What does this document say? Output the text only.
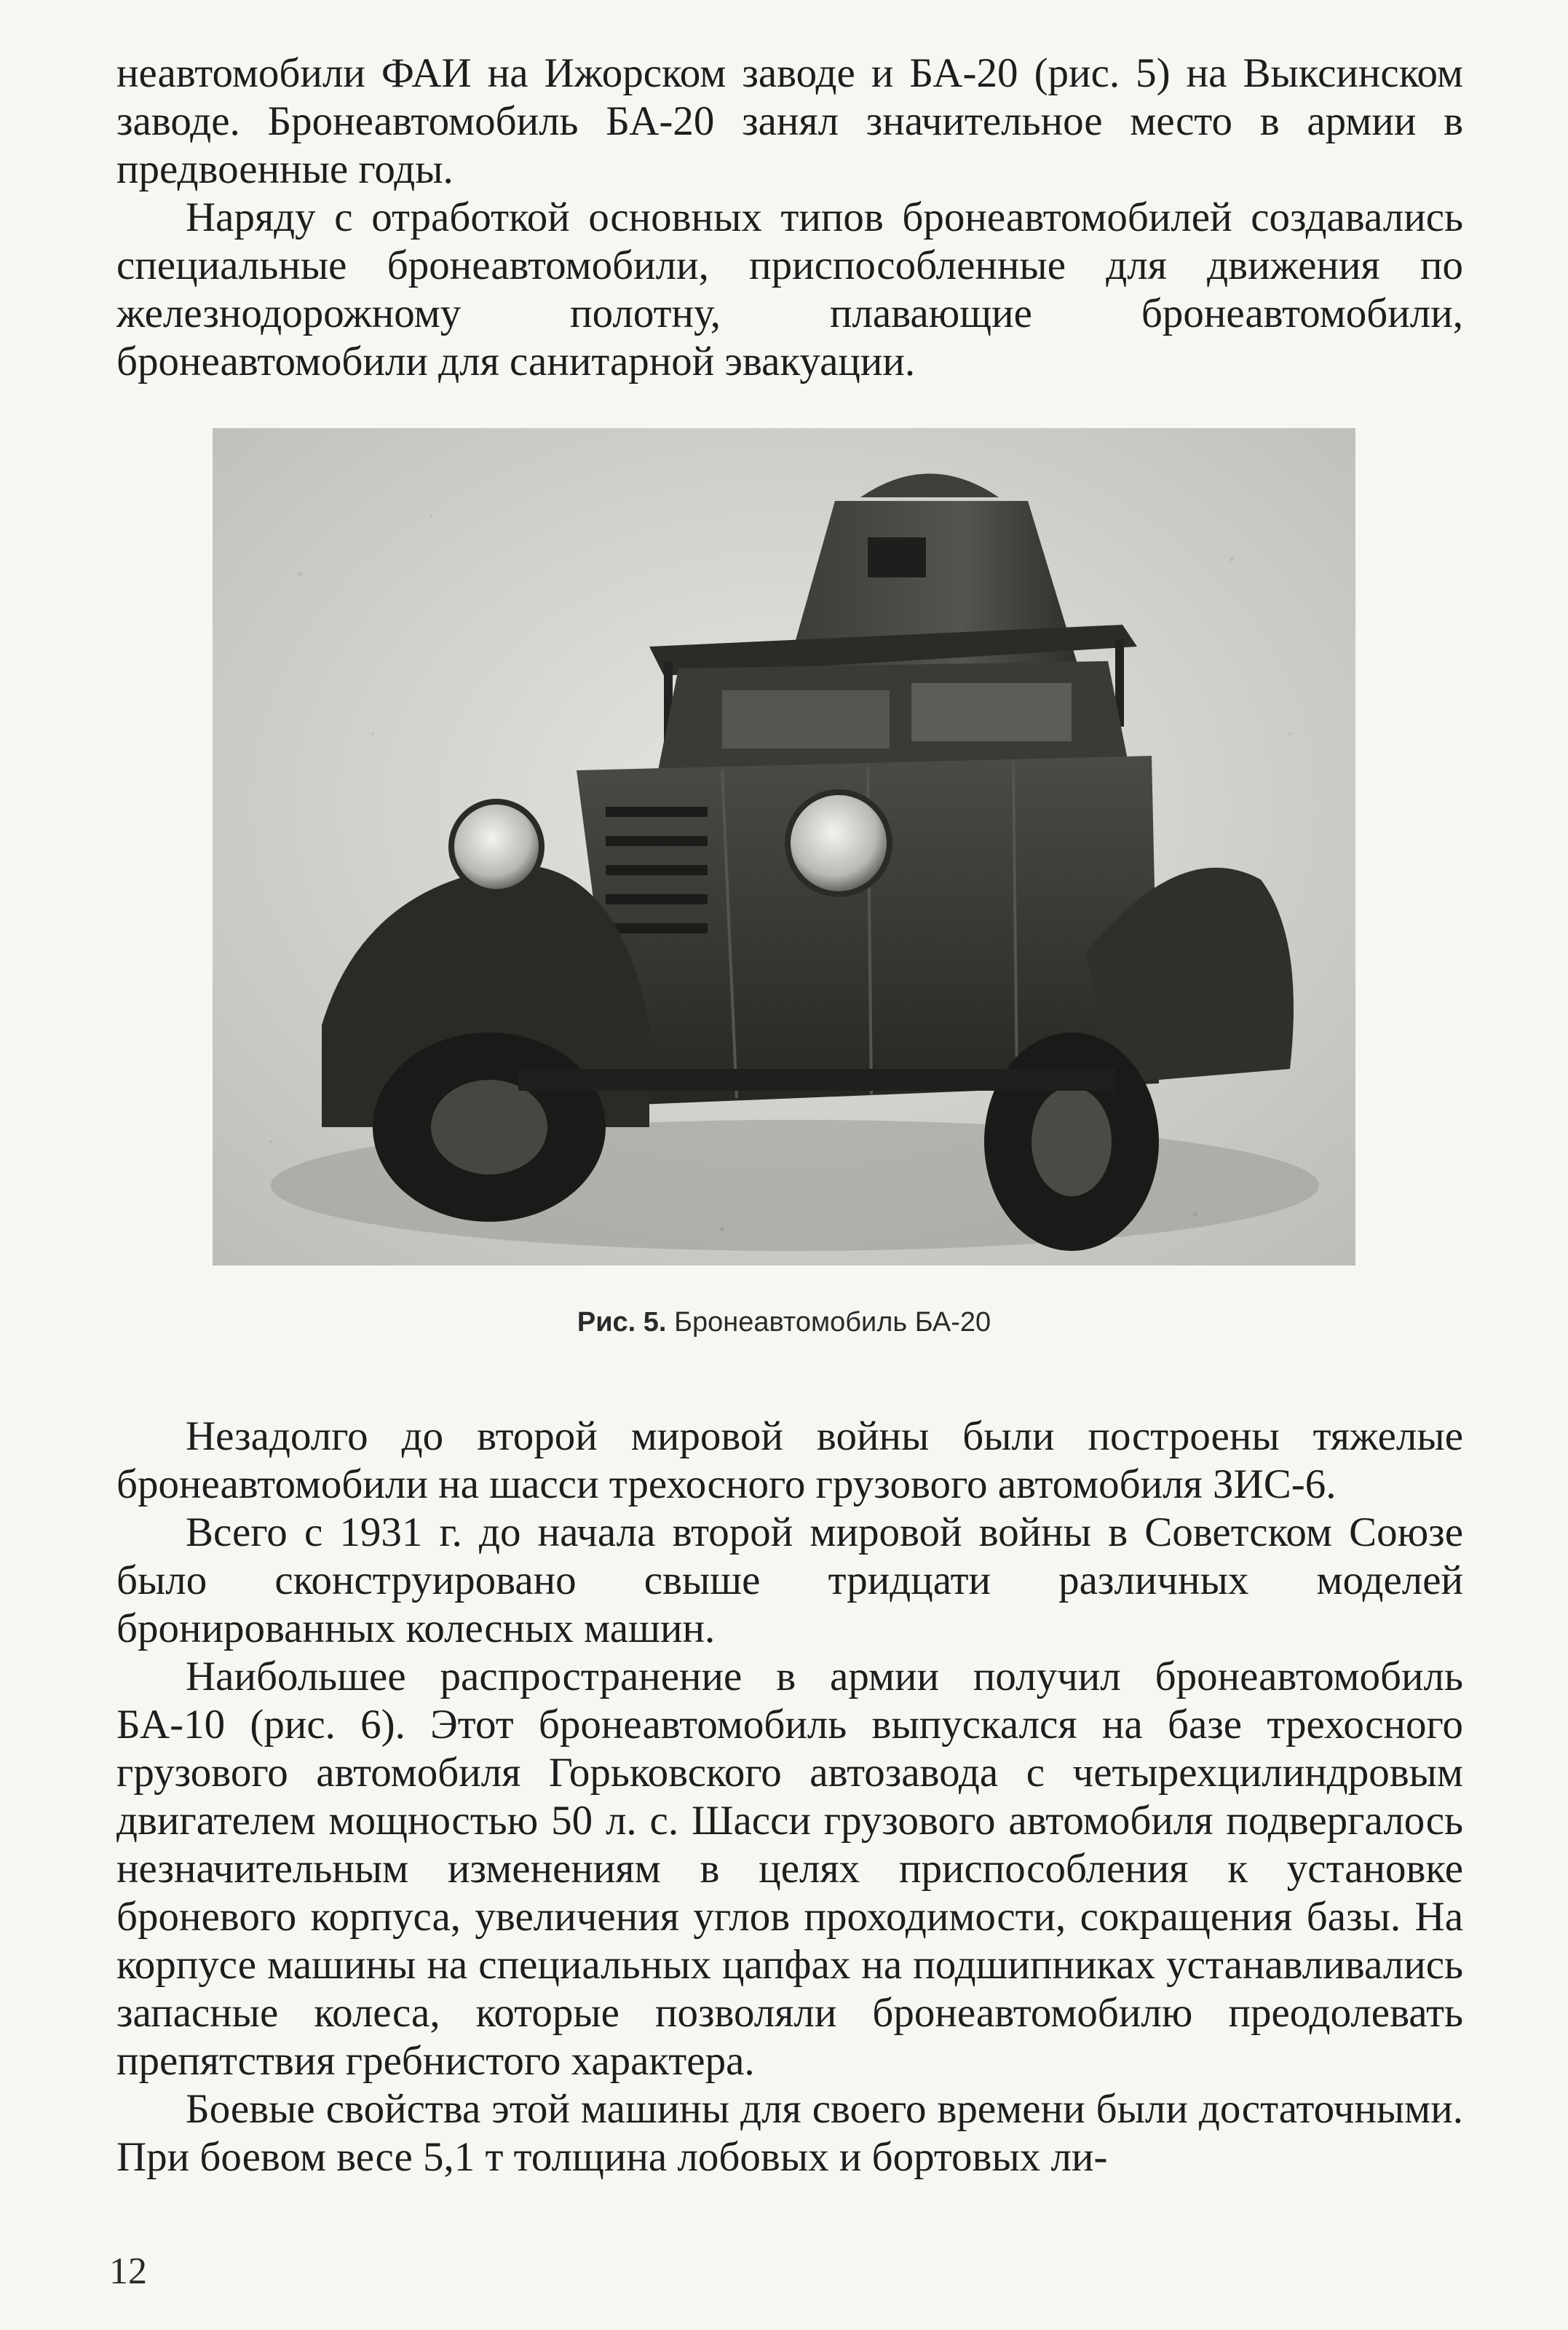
неавтомобили ФАИ на Ижорском заводе и БА-20 (рис. 5) на Выксинском заводе. Бронеавтомобиль БА-20 занял значительное место в армии в предвоенные годы.

Наряду с отработкой основных типов бронеавтомобилей создавались специальные бронеавтомобили, приспособленные для движения по железнодорожному полотну, плавающие бронеавтомобили, бронеавтомобили для санитарной эвакуации.

Рис. 5. Бронеавтомобиль БА-20

Незадолго до второй мировой войны были построены тяжелые бронеавтомобили на шасси трехосного грузового автомобиля ЗИС-6.

Всего с 1931 г. до начала второй мировой войны в Советском Союзе было сконструировано свыше тридцати различных моделей бронированных колесных машин.

Наибольшее распространение в армии получил бронеавтомобиль БА-10 (рис. 6). Этот бронеавтомобиль выпускался на базе трехосного грузового автомобиля Горьковского автозавода с четырехцилиндровым двигателем мощностью 50 л. с. Шасси грузового автомобиля подвергалось незначительным изменениям в целях приспособления к установке броневого корпуса, увеличения углов проходимости, сокращения базы. На корпусе машины на специальных цапфах на подшипниках устанавливались запасные колеса, которые позволяли бронеавтомобилю преодолевать препятствия гребнистого характера.

Боевые свойства этой машины для своего времени были достаточными. При боевом весе 5,1 т толщина лобовых и бортовых ли-

12
